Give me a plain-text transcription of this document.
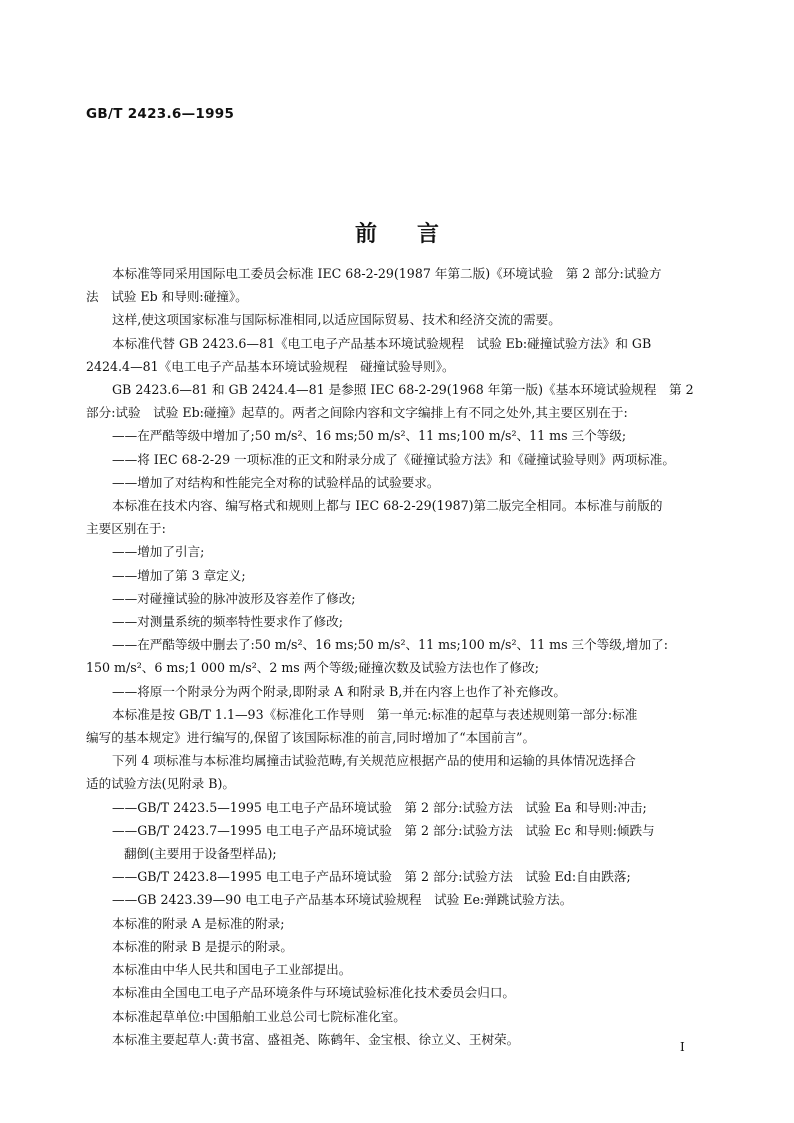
GB/T 2423.6—1995
前言

本标准等同采用国际电工委员会标准 IEC 68-2-29(1987 年第二版)《环境试验　第 2 部分:试验方

法　试验 Eb 和导则:碰撞》。

这样,使这项国家标准与国际标准相同,以适应国际贸易、技术和经济交流的需要。

本标准代替 GB 2423.6—81《电工电子产品基本环境试验规程　试验 Eb:碰撞试验方法》和 GB

2424.4—81《电工电子产品基本环境试验规程　碰撞试验导则》。

GB 2423.6—81 和 GB 2424.4—81 是参照 IEC 68-2-29(1968 年第一版)《基本环境试验规程　第 2

部分:试验　试验 Eb:碰撞》起草的。两者之间除内容和文字编排上有不同之处外,其主要区别在于:

——在严酷等级中增加了;50 m/s²、16 ms;50 m/s²、11 ms;100 m/s²、11 ms 三个等级;

——将 IEC 68-2-29 一项标准的正文和附录分成了《碰撞试验方法》和《碰撞试验导则》两项标准。

——增加了对结构和性能完全对称的试验样品的试验要求。

本标准在技术内容、编写格式和规则上都与 IEC 68-2-29(1987)第二版完全相同。本标准与前版的

主要区别在于:

——增加了引言;

——增加了第 3 章定义;

——对碰撞试验的脉冲波形及容差作了修改;

——对测量系统的频率特性要求作了修改;

——在严酷等级中删去了:50 m/s²、16 ms;50 m/s²、11 ms;100 m/s²、11 ms 三个等级,增加了:

150 m/s²、6 ms;1 000 m/s²、2 ms 两个等级;碰撞次数及试验方法也作了修改;

——将原一个附录分为两个附录,即附录 A 和附录 B,并在内容上也作了补充修改。

本标准是按 GB/T 1.1—93《标准化工作导则　第一单元:标准的起草与表述规则第一部分:标准

编写的基本规定》进行编写的,保留了该国际标准的前言,同时增加了“本国前言”。

下列 4 项标准与本标准均属撞击试验范畴,有关规范应根据产品的使用和运输的具体情况选择合

适的试验方法(见附录 B)。

——GB/T 2423.5—1995 电工电子产品环境试验　第 2 部分:试验方法　试验 Ea 和导则:冲击;

——GB/T 2423.7—1995 电工电子产品环境试验　第 2 部分:试验方法　试验 Ec 和导则:倾跌与

翻倒(主要用于设备型样品);

——GB/T 2423.8—1995 电工电子产品环境试验　第 2 部分:试验方法　试验 Ed:自由跌落;

——GB 2423.39—90 电工电子产品基本环境试验规程　试验 Ee:弹跳试验方法。

本标准的附录 A 是标准的附录;

本标准的附录 B 是提示的附录。

本标准由中华人民共和国电子工业部提出。

本标准由全国电工电子产品环境条件与环境试验标准化技术委员会归口。

本标准起草单位:中国船舶工业总公司七院标准化室。

本标准主要起草人:黄书富、盛祖尧、陈鹤年、金宝根、徐立义、王树荣。

I
